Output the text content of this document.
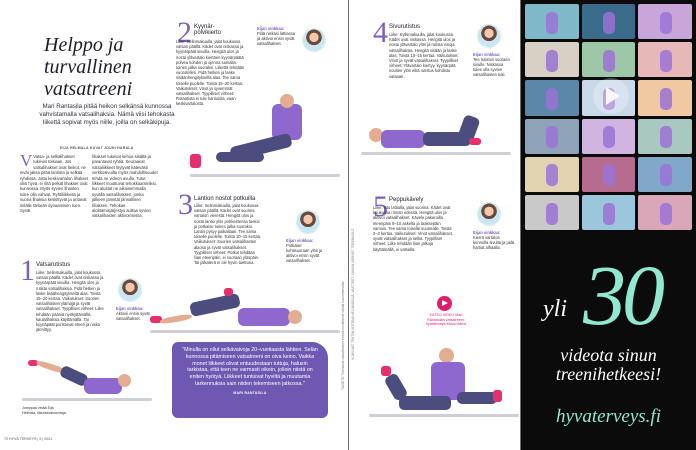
Helppo ja turvallinen vatsatreeni
Mari Rantasila pitää heikon selkänsä kunnossa vahvistamalla vatsalihaksia. Nämä viisi tehokasta liikettä sopivat myös niille, joilla on selkäkipuja.
EIJA HELMALA KUVAT JOUNI HARALA
V Vatsa- ja selkälihakset tukevat toisiaan. Jos vatsalihakset ovat heikot, ne eivät jaksa pitää lantiota ja selkää ryhdissä. Jotta keskivartalon lihakset olisi hyvä, ei riitä pelkät lihakset ovat kunnossa. Myös syvien lihasten tulee olla vahvat. Ryhtiliikkeitä ja suoria lihaksia keskittyvät ja antavat selälle tärkeän dynaamisen tuen. Syvät
lihakset tukevat kehoa sisältä ja parantavat ryhtiä. Seuraavat vatsaliikkeet löytyvät kätevästi verkkosivuilta myös mahdollisuudet tehdä ne videon avulla. Tutut liikkeet muuttuvat tehokkaammiksi, kun alustat ne aikaisemmalla syvällä vatsalihaksen, jonka jälkeen jännität pinnallisen lihaksen. Tehokas aloittamisjärjestys auttaa syvien vatsalihasten aktivoinnissa.
1 Vatsarutistus
Liike: Selinmakuulla, jalat koukussa vatsan päällä. Kädet ovat niskassa ja kyynärpäät sivuilla. Hengitä ulos ja rutista vatsalihaksia. Pidä hetken ja laske lisäähengitykseltä alas. Toista 15–20 kertaa. Vaikutukset: Suorien vatsalihasten ylämajä ja syvät vatsalihakset. Tyypilliset virheet: Liike tehdään pääniä nyökyttämällä, kaulalihaksia käyttämällä. Tai kyynäpäät puristuvat eteen ja niska jännittyy.
Eijan vinkkaa:
Aktivoi ensin syvät vatsalihakset.
Jumppaa vetää Eija Helmala, liikuntavalmentaja
2 Kyynär-polvikierto
Liike: Selinmakuulla, jalat koukussa vatsan päällä. Kädet ovat niskassa ja kyynärpäät sivuilla. Hengitä ulos ja nosta ylävartalo kiertäen kyynärpäätä polvea kohden ja ojenna samalla toinen jalka suoraksi. Liikettä tehdään vuorotellen. Pidä hetken ja laske sisäänhengityksellä alas. Tee sama toiselle puolelle. Toista 15–20 kertaa. Vaikutukset: Vinot ja syvemmät vatsalihakset. Tyypilliset virheet: Rotaatiota ei tule hartioista, vaan keskivartalosta.
Eijan vinkkaa:
Pidä niskasi lattiassa ja aktivoi ensin syvät vatsalihakset.
3 Lantion nostot potkuilla
Liike: Selinmakuulla, jalat koukussa vatsan päällä. Kädet ovat suorina vartalon vierestä. Hengitä ulos ja nosta lantio ylös pohkeittensa tueksi ja potkaise toinen jalka suoraksi. Lantio pysyy paikallaan. Tee sama toiselle puolelle. Toista 10–15 kertaa. Vaikutukset: Suorien vatsalihasten alaosa ja syvät vatsalihakset. Tyypilliset virheet: Potkut tehdään liian eteenpäin, ei suoraan ylöspäin. Tai jalkaterä ei ole hyvin tuettuna.
Eijan vinkkaa:
Potkaise kohtisuoraan ylös ja aktivoi ensin syvät vatsalihakset.
"Minulla on ollut selkävaivoja 20–vuotiaasta lähtien. Selän kunnossa pitämiseen vatsatreeni on oiva keino. Vaikka monet liikkeet olivat entuudestaan tuttuja, halusin tarkistaa, että teen ne varmasti oikein, jolloin niistä on eniten hyötyä. Liikkeet tuntuivat hyviltä ja muutamia tarkennuksia sain niiden tekemiseen jatkossa."
MARI RANTASILA
70 HYVÄ TERVEYS | 5 | 2021
TAVOITE: Tehokasta vatsalihasten treeniä turvallisesti selkää kuormittamatta.
4 Sivurutistus
Liike: Kylkimakuulla, jalat koukussa. Kädet ovat niskassa. Hengitä ulos ja nosta ylävartalo ylös ja rutista vinoja vatsalihaksia. Hengitä sisään ja laske alas. Toista 10–15 kertaa. Vaikutukset: Vinot ja syvät vatsalihakset. Tyypilliset virheet: Ylävartalo kiertyy, kyynärpää nousee ylös eikä rutistus kohdistu vatsaan.
Eijan vinkkaa:
Tee rutistus suoraan sivulle. Niskassa tulee olla syvien vatsalihasten tuki.
YLÄKUVAT TEHTIIN KOTONA HELSINGISSÄ, VAATTEET: SAMAN VÄRISET TREENIASUT
5 Peppukävely
Liike: Istu lattialla, jalat suorina. Kädet ovat koukussa rinnan edessä. Hengitä ulos ja aktivoi vatsalihakset. Kävele pakaroilla eteenpäin 8–10 askelta ja taaksepäin samoin. Tee sama toiselle suunnalle. Toista 2–3 kertaa. Vaikutukset: Vinot vatsalihakset, syvät vatsalihakset ja selkä. Tyypilliset virheet: Liike tehdään liian jalkoja käyttämällä, ei vatsalla.
Eijan vinkkaa:
Kierrä vartaloa kunnolla sivulta ja pidä hartiat alhaalla.
KATSO VIDEO Mari Rantasilan vatsatreeni: hyvaterveys.fi/kuu/videot
yli 30
videota sinun treenihetkeesi!
hyvaterveys.fi
